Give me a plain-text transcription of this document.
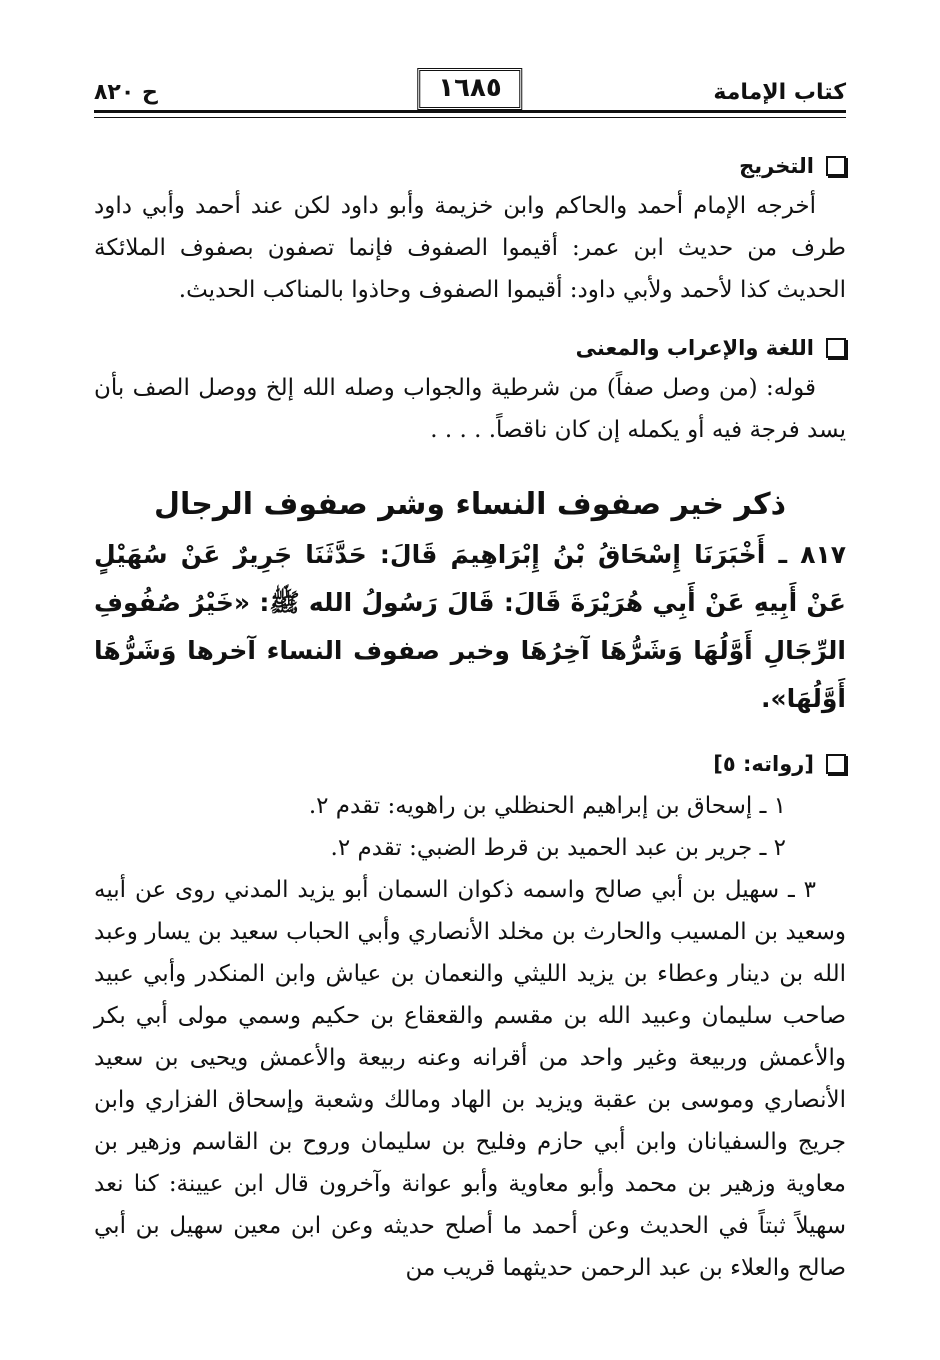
كتاب الإمامة
١٦٨٥
ح ٨٢٠
التخريج

أخرجه الإمام أحمد والحاكم وابن خزيمة وأبو داود لكن عند أحمد وأبي داود طرف من حديث ابن عمر: أقيموا الصفوف فإنما تصفون بصفوف الملائكة الحديث كذا لأحمد ولأبي داود: أقيموا الصفوف وحاذوا بالمناكب الحديث.

اللغة والإعراب والمعنى

قوله: (من وصل صفاً) من شرطية والجواب وصله الله إلخ ووصل الصف بأن يسد فرجة فيه أو يكمله إن كان ناقصاً. . . . .

ذكر خير صفوف النساء وشر صفوف الرجال

٨١٧ ـ أَخْبَرَنَا إِسْحَاقُ بْنُ إِبْرَاهِيمَ قَالَ: حَدَّثَنَا جَرِيرٌ عَنْ سُهَيْلٍ عَنْ أَبِيهِ عَنْ أَبِي هُرَيْرَةَ قَالَ: قَالَ رَسُولُ الله ﷺ: «خَيْرُ صُفُوفِ الرِّجَالِ أَوَّلُهَا وَشَرُّهَا آخِرُهَا وخير صفوف النساء آخرها وَشَرُّهَا أَوَّلُهَا».

[رواته: ٥]

١ ـ إسحاق بن إبراهيم الحنظلي بن راهويه: تقدم ٢.

٢ ـ جرير بن عبد الحميد بن قرط الضبي: تقدم ٢.

٣ ـ سهيل بن أبي صالح واسمه ذكوان السمان أبو يزيد المدني روى عن أبيه وسعيد بن المسيب والحارث بن مخلد الأنصاري وأبي الحباب سعيد بن يسار وعبد الله بن دينار وعطاء بن يزيد الليثي والنعمان بن عياش وابن المنكدر وأبي عبيد صاحب سليمان وعبيد الله بن مقسم والقعقاع بن حكيم وسمي مولى أبي بكر والأعمش وربيعة وغير واحد من أقرانه وعنه ربيعة والأعمش ويحيى بن سعيد الأنصاري وموسى بن عقبة ويزيد بن الهاد ومالك وشعبة وإسحاق الفزاري وابن جريج والسفيانان وابن أبي حازم وفليح بن سليمان وروح بن القاسم وزهير بن معاوية وزهير بن محمد وأبو معاوية وأبو عوانة وآخرون قال ابن عيينة: كنا نعد سهيلاً ثبتاً في الحديث وعن أحمد ما أصلح حديثه وعن ابن معين سهيل بن أبي صالح والعلاء بن عبد الرحمن حديثهما قريب من
